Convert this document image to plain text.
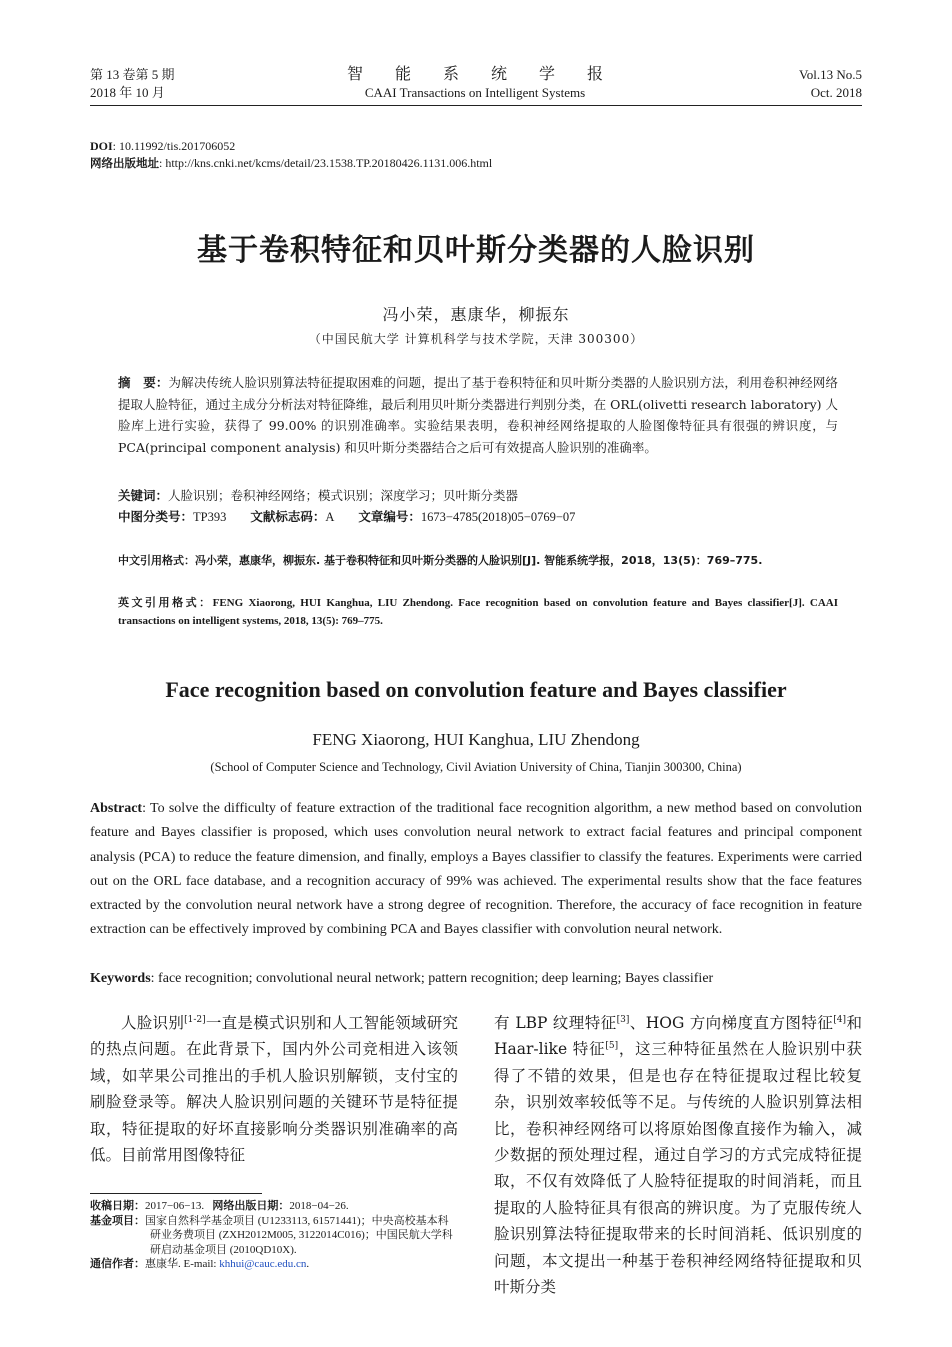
第 13 卷第 5 期
2018 年 10 月
智 能 系 统 学 报
CAAI Transactions on Intelligent Systems
Vol.13 No.5
Oct. 2018
DOI: 10.11992/tis.201706052
网络出版地址: http://kns.cnki.net/kcms/detail/23.1538.TP.20180426.1131.006.html
基于卷积特征和贝叶斯分类器的人脸识别
冯小荣，惠康华，柳振东
（中国民航大学 计算机科学与技术学院，天津 300300）
摘　要：为解决传统人脸识别算法特征提取困难的问题，提出了基于卷积特征和贝叶斯分类器的人脸识别方法，利用卷积神经网络提取人脸特征，通过主成分分析法对特征降维，最后利用贝叶斯分类器进行判别分类，在 ORL(olivetti research laboratory) 人脸库上进行实验，获得了 99.00% 的识别准确率。实验结果表明，卷积神经网络提取的人脸图像特征具有很强的辨识度，与 PCA(principal component analysis) 和贝叶斯分类器结合之后可有效提高人脸识别的准确率。
关键词：人脸识别；卷积神经网络；模式识别；深度学习；贝叶斯分类器
中图分类号：TP393 文献标志码：A 文章编号：1673−4785(2018)05−0769−07
中文引用格式：冯小荣，惠康华，柳振东. 基于卷积特征和贝叶斯分类器的人脸识别[J]. 智能系统学报，2018，13(5)：769–775.
英文引用格式：FENG Xiaorong, HUI Kanghua, LIU Zhendong. Face recognition based on convolution feature and Bayes classifier[J]. CAAI transactions on intelligent systems, 2018, 13(5): 769–775.
Face recognition based on convolution feature and Bayes classifier
FENG Xiaorong, HUI Kanghua, LIU Zhendong
(School of Computer Science and Technology, Civil Aviation University of China, Tianjin 300300, China)
Abstract: To solve the difficulty of feature extraction of the traditional face recognition algorithm, a new method based on convolution feature and Bayes classifier is proposed, which uses convolution neural network to extract facial features and principal component analysis (PCA) to reduce the feature dimension, and finally, employs a Bayes classifier to classify the features. Experiments were carried out on the ORL face database, and a recognition accuracy of 99% was achieved. The experimental results show that the face features extracted by the convolution neural network have a strong degree of recognition. Therefore, the accuracy of face recognition in feature extraction can be effectively improved by combining PCA and Bayes classifier with convolution neural network.
Keywords: face recognition; convolutional neural network; pattern recognition; deep learning; Bayes classifier
人脸识别[1-2]一直是模式识别和人工智能领域研究的热点问题。在此背景下，国内外公司竞相进入该领域，如苹果公司推出的手机人脸识别解锁，支付宝的刷脸登录等。解决人脸识别问题的关键环节是特征提取，特征提取的好坏直接影响分类器识别准确率的高低。目前常用图像特征
有 LBP 纹理特征[3]、HOG 方向梯度直方图特征[4]和 Haar-like 特征[5]，这三种特征虽然在人脸识别中获得了不错的效果，但是也存在特征提取过程比较复杂，识别效率较低等不足。与传统的人脸识别算法相比，卷积神经网络可以将原始图像直接作为输入，减少数据的预处理过程，通过自学习的方式完成特征提取，不仅有效降低了人脸特征提取的时间消耗，而且提取的人脸特征具有很高的辨识度。为了克服传统人脸识别算法特征提取带来的长时间消耗、低识别度的问题，本文提出一种基于卷积神经网络特征提取和贝叶斯分类
收稿日期：2017−06−13. 网络出版日期：2018−04−26.
基金项目：国家自然科学基金项目 (U1233113, 61571441)；中央高校基本科研业务费项目 (ZXH2012M005, 3122014C016)；中国民航大学科研启动基金项目 (2010QD10X).
通信作者：惠康华. E-mail: khhui@cauc.edu.cn.
